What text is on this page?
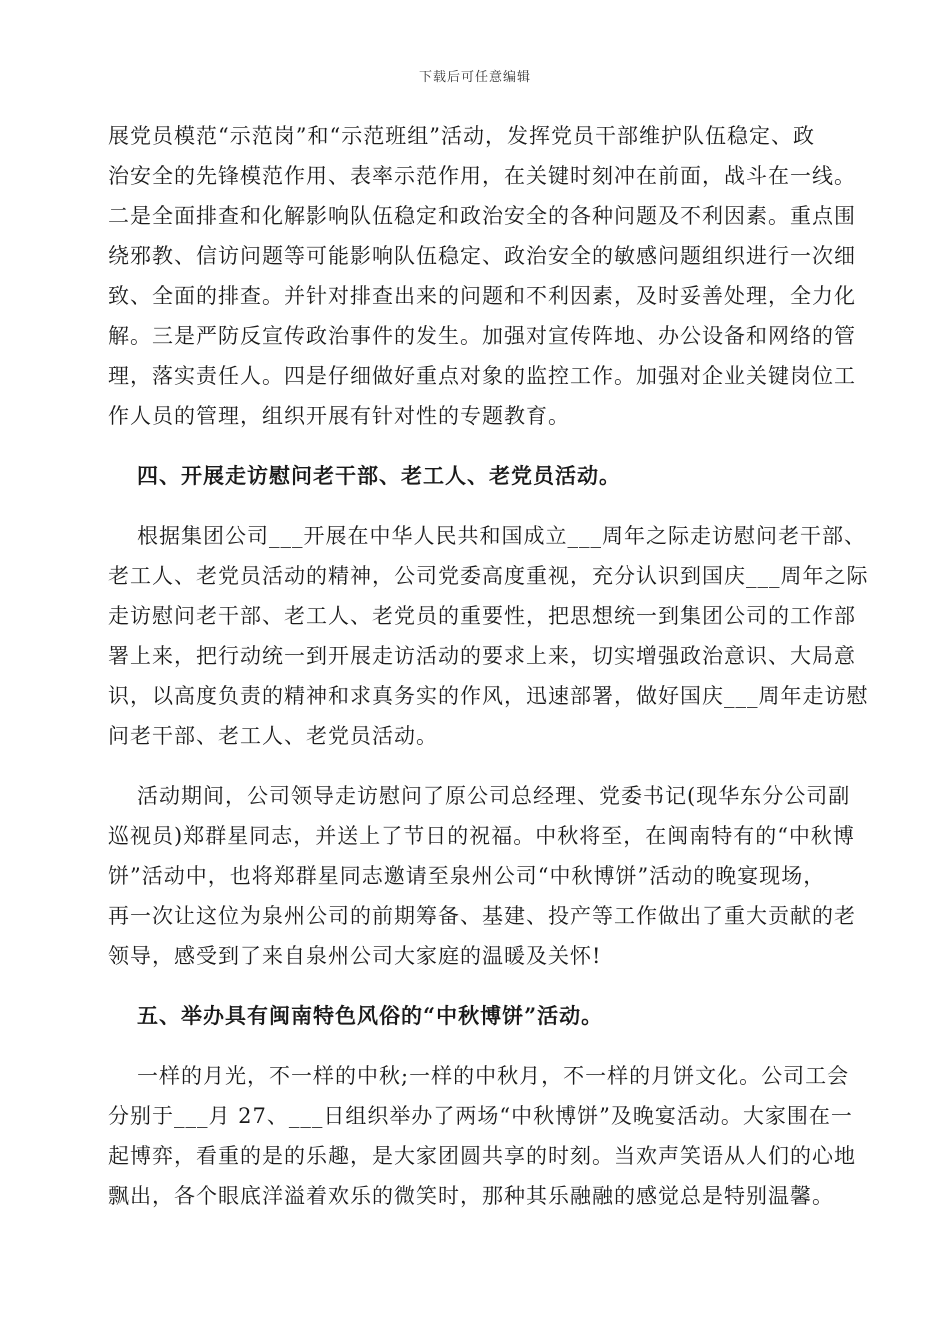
下载后可任意编辑
展党员模范“示范岗”和“示范班组”活动，发挥党员干部维护队伍稳定、政
治安全的先锋模范作用、表率示范作用，在关键时刻冲在前面，战斗在一线。
二是全面排查和化解影响队伍稳定和政治安全的各种问题及不利因素。重点围
绕邪教、信访问题等可能影响队伍稳定、政治安全的敏感问题组织进行一次细
致、全面的排查。并针对排查出来的问题和不利因素，及时妥善处理，全力化
解。三是严防反宣传政治事件的发生。加强对宣传阵地、办公设备和网络的管
理，落实责任人。四是仔细做好重点对象的监控工作。加强对企业关键岗位工
作人员的管理，组织开展有针对性的专题教育。
四、开展走访慰问老干部、老工人、老党员活动。
根据集团公司___开展在中华人民共和国成立___周年之际走访慰问老干部、
老工人、老党员活动的精神，公司党委高度重视，充分认识到国庆___周年之际
走访慰问老干部、老工人、老党员的重要性，把思想统一到集团公司的工作部
署上来，把行动统一到开展走访活动的要求上来，切实增强政治意识、大局意
识，以高度负责的精神和求真务实的作风，迅速部署，做好国庆___周年走访慰
问老干部、老工人、老党员活动。
活动期间，公司领导走访慰问了原公司总经理、党委书记(现华东分公司副
巡视员)郑群星同志，并送上了节日的祝福。中秋将至，在闽南特有的“中秋博
饼”活动中，也将郑群星同志邀请至泉州公司“中秋博饼”活动的晚宴现场，
再一次让这位为泉州公司的前期筹备、基建、投产等工作做出了重大贡献的老
领导，感受到了来自泉州公司大家庭的温暖及关怀!
五、举办具有闽南特色风俗的“中秋博饼”活动。
一样的月光，不一样的中秋;一样的中秋月，不一样的月饼文化。公司工会
分别于___月 27、___日组织举办了两场“中秋博饼”及晚宴活动。大家围在一
起博弈，看重的是的乐趣，是大家团圆共享的时刻。当欢声笑语从人们的心地
飘出，各个眼底洋溢着欢乐的微笑时，那种其乐融融的感觉总是特别温馨。
